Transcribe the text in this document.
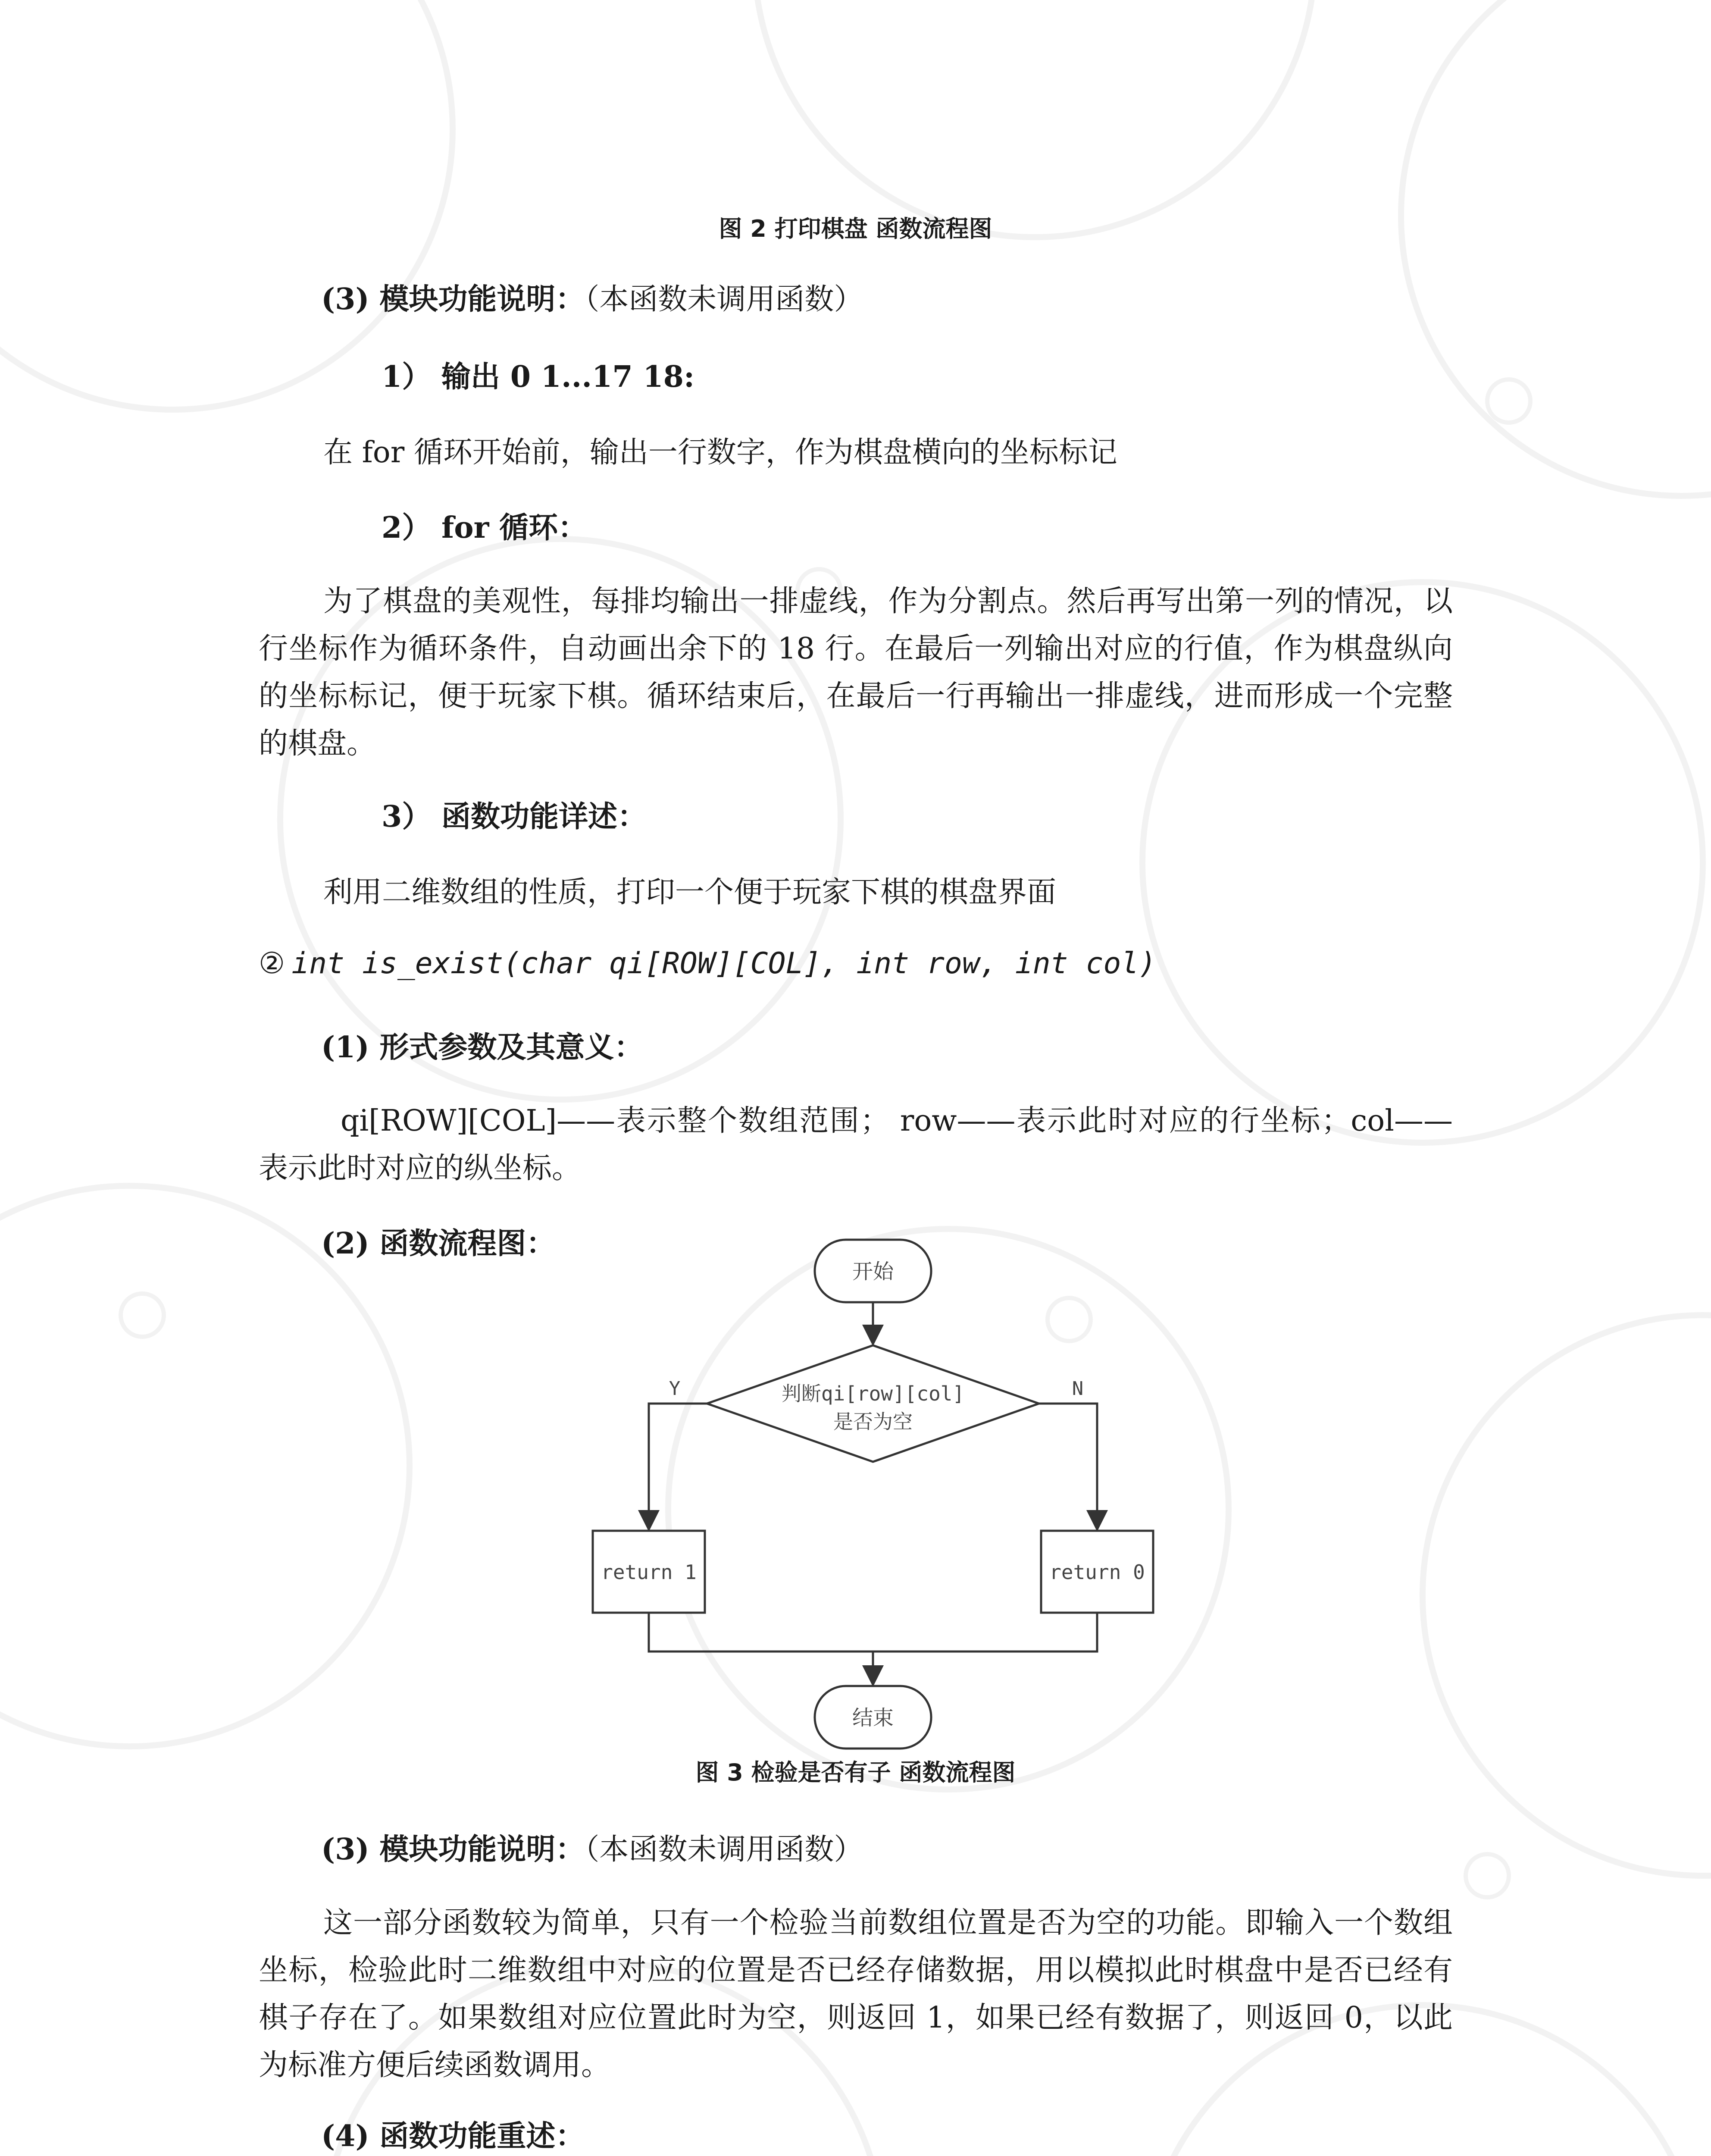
图 2 打印棋盘 函数流程图

(3) 模块功能说明：（本函数未调用函数）

1） 输出 0 1...17 18:

在 for 循环开始前，输出一行数字，作为棋盘横向的坐标标记

2） for 循环：

为了棋盘的美观性，每排均输出一排虚线，作为分割点。然后再写出第一列的情况，以行坐标作为循环条件，自动画出余下的 18 行。在最后一列输出对应的行值，作为棋盘纵向的坐标标记，便于玩家下棋。循环结束后，在最后一行再输出一排虚线，进而形成一个完整的棋盘。

3） 函数功能详述：

利用二维数组的性质，打印一个便于玩家下棋的棋盘界面

② int is_exist(char qi[ROW][COL], int row, int col)

(1) 形式参数及其意义：

qi[ROW][COL]——表示整个数组范围； row——表示此时对应的行坐标；col——表示此时对应的纵坐标。

(2) 函数流程图：

开始
判断qi[row][col]
是否为空
Y	N
return 1	return 0
结束

图 3 检验是否有子 函数流程图

(3) 模块功能说明：（本函数未调用函数）

这一部分函数较为简单，只有一个检验当前数组位置是否为空的功能。即输入一个数组坐标，检验此时二维数组中对应的位置是否已经存储数据，用以模拟此时棋盘中是否已经有棋子存在了。如果数组对应位置此时为空，则返回 1，如果已经有数据了，则返回 0，以此为标准方便后续函数调用。

(4) 函数功能重述：
